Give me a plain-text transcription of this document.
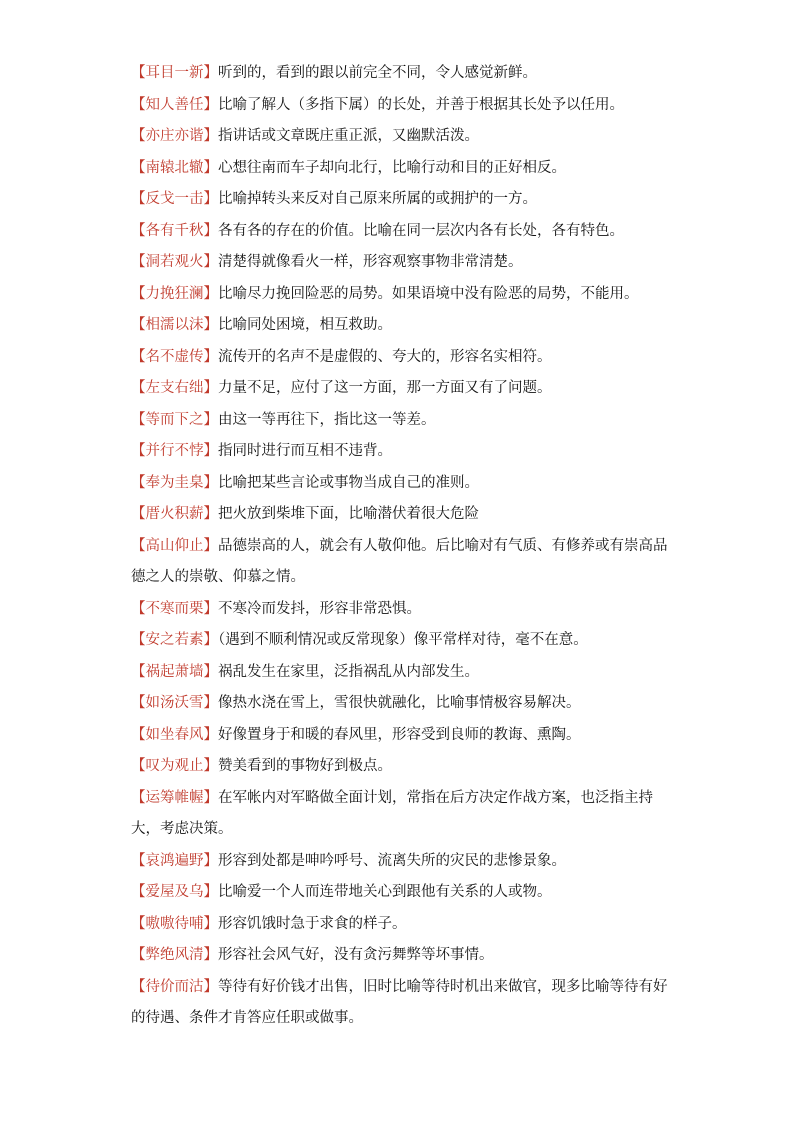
【耳目一新】听到的，看到的跟以前完全不同，令人感觉新鲜。

【知人善任】比喻了解人（多指下属）的长处，并善于根据其长处予以任用。

【亦庄亦谐】指讲话或文章既庄重正派，又幽默活泼。

【南辕北辙】心想往南而车子却向北行，比喻行动和目的正好相反。

【反戈一击】比喻掉转头来反对自己原来所属的或拥护的一方。

【各有千秋】各有各的存在的价值。比喻在同一层次内各有长处，各有特色。

【洞若观火】清楚得就像看火一样，形容观察事物非常清楚。

【力挽狂澜】比喻尽力挽回险恶的局势。如果语境中没有险恶的局势，不能用。

【相濡以沫】比喻同处困境，相互救助。

【名不虚传】流传开的名声不是虚假的、夸大的，形容名实相符。

【左支右绌】力量不足，应付了这一方面，那一方面又有了问题。

【等而下之】由这一等再往下，指比这一等差。

【并行不悖】指同时进行而互相不违背。

【奉为圭臬】比喻把某些言论或事物当成自己的准则。

【厝火积薪】把火放到柴堆下面，比喻潜伏着很大危险

【高山仰止】品德崇高的人，就会有人敬仰他。后比喻对有气质、有修养或有崇高品德之人的崇敬、仰慕之情。

【不寒而栗】不寒冷而发抖，形容非常恐惧。

【安之若素】（遇到不顺利情况或反常现象）像平常样对待，毫不在意。

【祸起萧墙】祸乱发生在家里，泛指祸乱从内部发生。

【如汤沃雪】像热水浇在雪上，雪很快就融化，比喻事情极容易解决。

【如坐春风】好像置身于和暖的春风里，形容受到良师的教诲、熏陶。

【叹为观止】赞美看到的事物好到极点。

【运筹帷幄】在军帐内对军略做全面计划，常指在后方决定作战方案，也泛指主持大，考虑决策。

【哀鸿遍野】形容到处都是呻吟呼号、流离失所的灾民的悲惨景象。

【爱屋及乌】比喻爱一个人而连带地关心到跟他有关系的人或物。

【嗷嗷待哺】形容饥饿时急于求食的样子。

【弊绝风清】形容社会风气好，没有贪污舞弊等坏事情。

【待价而沽】等待有好价钱才出售，旧时比喻等待时机出来做官，现多比喻等待有好的待遇、条件才肯答应任职或做事。
